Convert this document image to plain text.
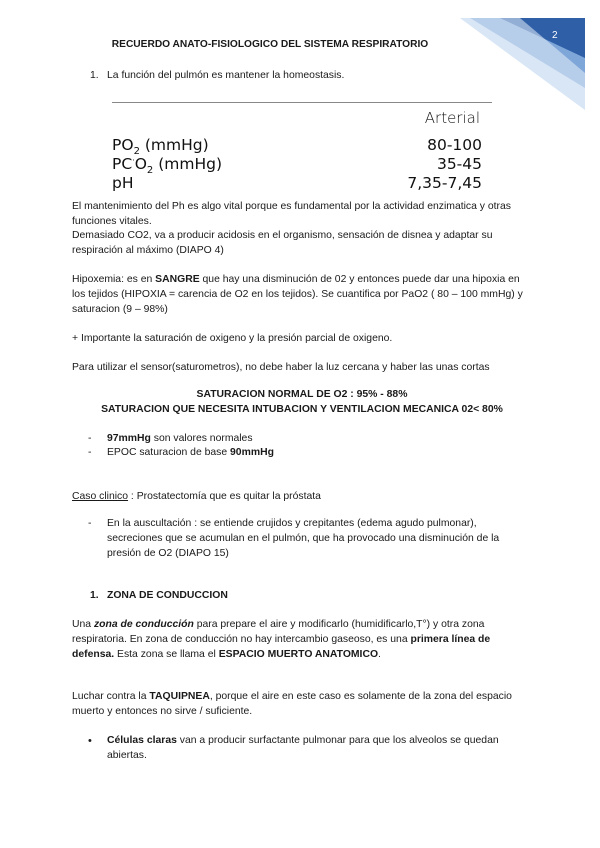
2
RECUERDO ANATO-FISIOLOGICO DEL SISTEMA RESPIRATORIO
1. La función del pulmón es mantener la homeostasis.
Arterial
$PO_2$ (mmHg)	80-100
$PC^\cdot O_2$ (mmHg)	35-45
pH	7,35-7,45
El mantenimiento del Ph es algo vital porque es fundamental por la actividad enzimatica y otras funciones vitales.
Demasiado CO2, va a producir acidosis en el organismo, sensación de disnea y adaptar su respiración al máximo (DIAPO 4)
Hipoxemia: es en SANGRE que hay una disminución de 02 y entonces puede dar una hipoxia en los tejidos (HIPOXIA = carencia de O2 en los tejidos). Se cuantifica por PaO2 ( 80 – 100 mmHg) y saturacion (9 – 98%)
+ Importante la saturación de oxigeno y la presión parcial de oxigeno.
Para utilizar el sensor(saturometros), no debe haber la luz cercana y haber las unas cortas
SATURACION NORMAL DE O2 : 95% - 88%
SATURACION QUE NECESITA INTUBACION Y VENTILACION MECANICA 02< 80%
- 97mmHg son valores normales
- EPOC saturacion de base 90mmHg
Caso clinico : Prostatectomía que es quitar la próstata
- En la auscultación : se entiende crujidos y crepitantes (edema agudo pulmonar), secreciones que se acumulan en el pulmón, que ha provocado una disminución de la presión de O2 (DIAPO 15)
1. ZONA DE CONDUCCION
Una zona de conducción para prepare el aire y modificarlo (humidificarlo,T°) y otra zona respiratoria. En zona de conducción no hay intercambio gaseoso, es una primera línea de defensa. Esta zona se llama el ESPACIO MUERTO ANATOMICO.
Luchar contra la TAQUIPNEA, porque el aire en este caso es solamente de la zona del espacio muerto y entonces no sirve / suficiente.
• Células claras van a producir surfactante pulmonar para que los alveolos se quedan abiertas.
